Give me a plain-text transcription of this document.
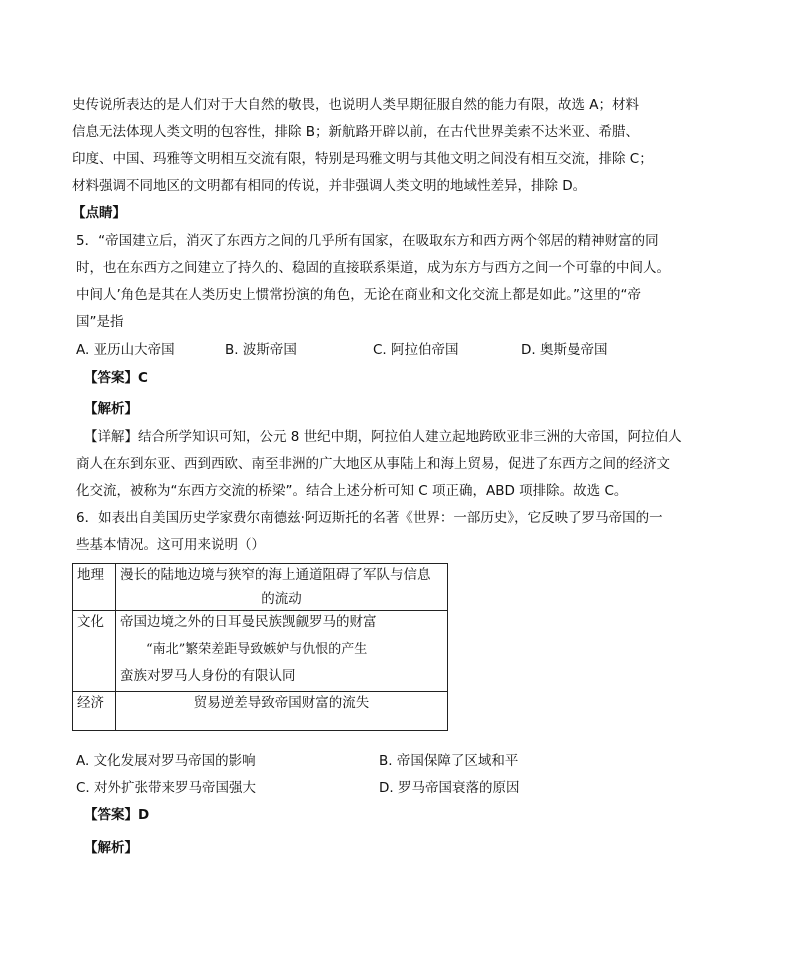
史传说所表达的是人们对于大自然的敬畏，也说明人类早期征服自然的能力有限，故选 A；材料
信息无法体现人类文明的包容性，排除 B；新航路开辟以前，在古代世界美索不达米亚、希腊、
印度、中国、玛雅等文明相互交流有限，特别是玛雅文明与其他文明之间没有相互交流，排除 C；
材料强调不同地区的文明都有相同的传说，并非强调人类文明的地域性差异，排除 D。
【点睛】
5．“帝国建立后，消灭了东西方之间的几乎所有国家，在吸取东方和西方两个邻居的精神财富的同
时，也在东西方之间建立了持久的、稳固的直接联系渠道，成为东方与西方之间一个可靠的中间人。
中间人’角色是其在人类历史上惯常扮演的角色，无论在商业和文化交流上都是如此。”这里的“帝
国”是指
A. 亚历山大帝国	B. 波斯帝国	C. 阿拉伯帝国	D. 奥斯曼帝国
【答案】C
【解析】
【详解】结合所学知识可知，公元 8 世纪中期，阿拉伯人建立起地跨欧亚非三洲的大帝国，阿拉伯人
商人在东到东亚、西到西欧、南至非洲的广大地区从事陆上和海上贸易，促进了东西方之间的经济文
化交流，被称为“东西方交流的桥梁”。结合上述分析可知 C 项正确，ABD 项排除。故选 C。
6．如表出自美国历史学家费尔南德兹·阿迈斯托的名著《世界：一部历史》，它反映了罗马帝国的一
些基本情况。这可用来说明（）
地理	漫长的陆地边境与狭窄的海上通道阻碍了军队与信息
的流动

文化	帝国边境之外的日耳曼民族觊觎罗马的财富
“南北”繁荣差距导致嫉妒与仇恨的产生
蛮族对罗马人身份的有限认同

经济	贸易逆差导致帝国财富的流失
A. 文化发展对罗马帝国的影响	B. 帝国保障了区域和平
C. 对外扩张带来罗马帝国强大	D. 罗马帝国衰落的原因
【答案】D
【解析】
